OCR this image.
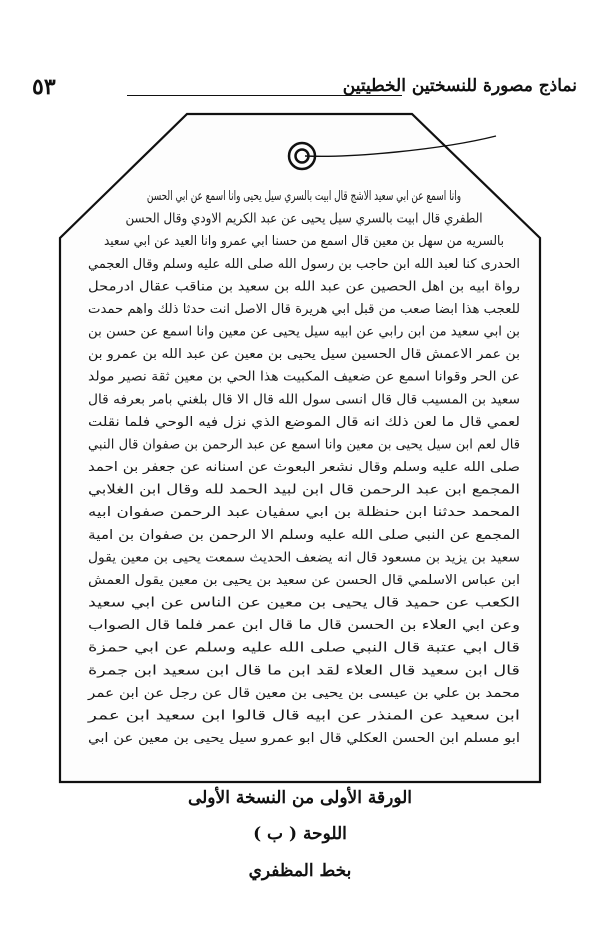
٥٣	نماذج مصورة للنسختين الخطيتين
وانا اسمع عن ابي سعيد الاشج قال ابيت بالسري سيل يحيى وانا اسمع عن ابي الحسن
الطفري قال ابيت بالسري سيل يحيى عن عبد الكريم الاودي وقال الحسن
بالسريه من سهل بن معين قال اسمع من حسنا ابي عمرو وانا العيد عن ابي سعيد
الحدرى كنا لعبد الله ابن حاجب بن رسول الله صلى الله عليه وسلم وقال العجمي
رواة ابيه بن اهل الحصين عن عبد الله بن سعيد بن مناقب عقال ادرمحل
للعجب هذا ابضا صعب من قبل ابي هريرة قال الاصل انت حدثا ذلك واهم حمدت
بن ابي سعيد من ابن رابي عن ابيه سيل يحيى عن معين وانا اسمع عن حسن بن
بن عمر الاعمش قال الحسين سيل يحيى بن معين عن عبد الله بن عمرو بن
عن الحر وقوانا اسمع عن ضعيف المكبيت هذا الحي بن معين ثقة نصير مولد
سعيد بن المسيب قال قال انسى سول الله قال الا قال بلغني بامر بعرفه قال
لعمي قال ما لعن ذلك انه قال الموضع الذي نزل فيه الوحي فلما نقلت
قال لعم ابن سيل يحيى بن معين وانا اسمع عن عبد الرحمن بن صفوان قال النبي
صلى الله عليه وسلم وقال نشعر البعوث عن اسنانه عن جعفر بن احمد
المجمع ابن عبد الرحمن قال ابن لبيد الحمد لله وقال ابن الغلابي
المحمد حدثنا ابن حنظلة بن ابي سفيان عبد الرحمن صفوان ابيه
المجمع عن النبي صلى الله عليه وسلم الا الرحمن بن صفوان بن امية
سعيد بن يزيد بن مسعود قال انه يضعف الحديث سمعت يحيى بن معين يقول
ابن عباس الاسلمي قال الحسن عن سعيد بن يحيى بن معين يقول العمش
الكعب عن حميد قال يحيى بن معين عن الناس عن ابي سعيد
وعن ابي العلاء بن الحسن قال ما قال ابن عمر فلما قال الصواب
قال ابي عتبة قال النبي صلى الله عليه وسلم عن ابي حمزة
قال ابن سعيد قال العلاء لقد ابن ما قال ابن سعيد ابن جمرة
محمد بن علي بن عيسى بن يحيى بن معين قال عن رجل عن ابن عمر
ابن سعيد عن المنذر عن ابيه قال قالوا ابن سعيد ابن عمر
ابو مسلم ابن الحسن العكلي قال ابو عمرو سيل يحيى بن معين عن ابي
الورقة الأولى من النسخة الأولى
اللوحة ( ب )
بخط المظفري
